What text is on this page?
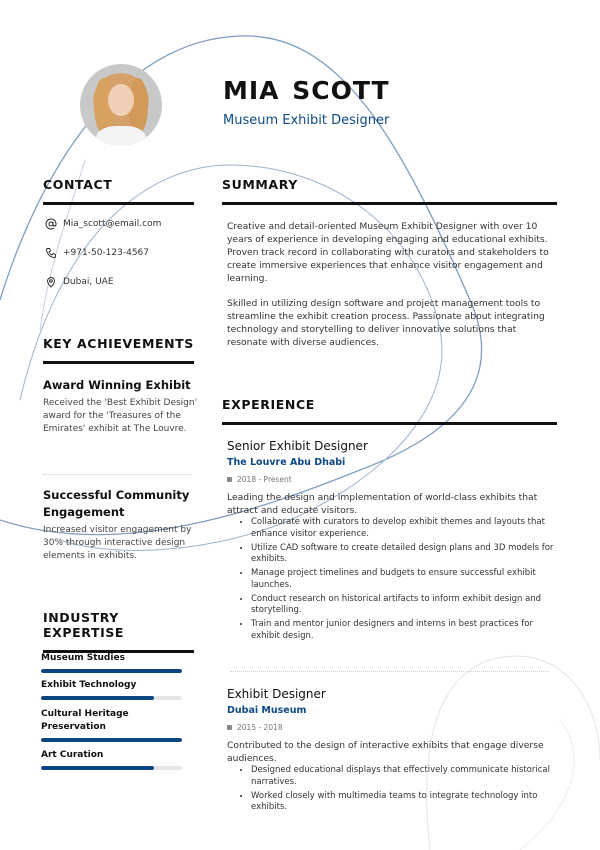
MIA SCOTT

Museum Exhibit Designer

CONTACT
Mia_scott@email.com
+971-50-123-4567
Dubai, UAE
KEY ACHIEVEMENTS
Award Winning Exhibit

Received the 'Best Exhibit Design' award for the 'Treasures of the Emirates' exhibit at The Louvre.

Successful Community Engagement

Increased visitor engagement by 30% through interactive design elements in exhibits.

INDUSTRY EXPERTISE
Museum Studies
Exhibit Technology
Cultural Heritage Preservation
Art Curation
SUMMARY

Creative and detail-oriented Museum Exhibit Designer with over 10 years of experience in developing engaging and educational exhibits. Proven track record in collaborating with curators and stakeholders to create immersive experiences that enhance visitor engagement and learning.

Skilled in utilizing design software and project management tools to streamline the exhibit creation process. Passionate about integrating technology and storytelling to deliver innovative solutions that resonate with diverse audiences.

EXPERIENCE
Senior Exhibit Designer
The Louvre Abu Dhabi
2018 - Present
Leading the design and implementation of world-class exhibits that attract and educate visitors.
• Collaborate with curators to develop exhibit themes and layouts that enhance visitor experience.
• Utilize CAD software to create detailed design plans and 3D models for exhibits.
• Manage project timelines and budgets to ensure successful exhibit launches.
• Conduct research on historical artifacts to inform exhibit design and storytelling.
• Train and mentor junior designers and interns in best practices for exhibit design.
Exhibit Designer
Dubai Museum
2015 - 2018
Contributed to the design of interactive exhibits that engage diverse audiences.
• Designed educational displays that effectively communicate historical narratives.
• Worked closely with multimedia teams to integrate technology into exhibits.
